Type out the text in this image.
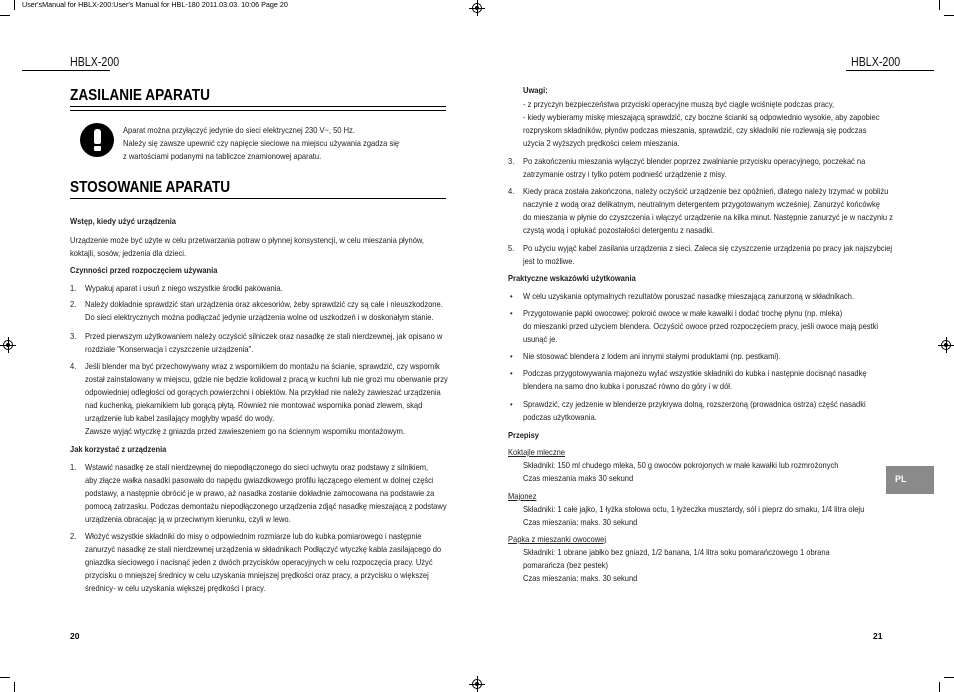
User'sManual for HBLX-200:User's Manual for HBL-180 2011.03.03. 10:06 Page 20
HBLX-200	HBLX-200
ZASILANIE APARATU
Aparat można przyłączyć jedynie do sieci elektrycznej 230 V~, 50 Hz.
Należy się zawsze upewnić czy napięcie sieciowe na miejscu używania zgadza się
z wartościami podanymi na tabliczce znamionowej aparatu.
STOSOWANIE APARATU
Wstęp, kiedy użyć urządzenia
Urządzenie może być użyte w celu przetwarzania potraw o płynnej konsystencji, w celu mieszania płynów,
koktajli, sosów, jedzenia dla dzieci.
Czynności przed rozpoczęciem używania
1. Wypakuj aparat i usuń z niego wszystkie środki pakowania.
2. Należy dokładnie sprawdzić stan urządzenia oraz akcesoriów, żeby sprawdzić czy są całe i nieuszkodzone.
Do sieci elektrycznych można podłączać jedynie urządzenia wolne od uszkodzeń i w doskonałym stanie.
3. Przed pierwszym użytkowaniem należy oczyścić silniczek oraz nasadkę ze stali nierdzewnej, jak opisano w
rozdziale "Konserwacja i czyszczenie urządzenia".
4. Jeśli blender ma być przechowywany wraz z wspornikiem do montażu na ścianie, sprawdzić, czy wspornik
został zainstalowany w miejscu, gdzie nie będzie kolidował z pracą w kuchni lub nie grozi mu oberwanie przy
odpowiedniej odległości od gorących powierzchni i obiektów. Na przykład nie należy zawieszać urządzenia
nad kuchenką, piekarnikiem lub gorącą płytą. Również nie montować wspornika ponad zlewem, skąd
urządzenie lub kabel zasilający mogłyby wpaść do wody.
Zawsze wyjąć wtyczkę z gniazda przed zawieszeniem go na ściennym wsporniku montażowym.
Jak korzystać z urządzenia
1. Wstawić nasadkę ze stali nierdzewnej do niepodłączonego do sieci uchwytu oraz podstawy z silnikiem,
aby złącze wałka nasadki pasowało do napędu gwiazdkowego profilu łączącego element w dolnej części
podstawy, a następnie obrócić je w prawo, aż nasadka zostanie dokładnie zamocowana na podstawie za
pomocą zatrzasku. Podczas demontażu niepodłączonego urządzenia zdjąć nasadkę mieszającą z podstawy
urządzenia obracając ją w przeciwnym kierunku, czyli w lewo.
2. Włożyć wszystkie składniki do misy o odpowiednim rozmiarze lub do kubka pomiarowego i następnie
zanurzyć nasadkę ze stali nierdzewnej urządzenia w składnikach Podłączyć wtyczkę kabla zasilającego do
gniazdka sieciowego i nacisnąć jeden z dwóch przycisków operacyjnych w celu rozpoczęcia pracy. Użyć
przycisku o mniejszej średnicy w celu uzyskania mniejszej prędkości oraz pracy, a przycisku o większej
średnicy- w celu uzyskania większej prędkości i pracy.
Uwagi:
- z przyczyn bezpieczeństwa przyciski operacyjne muszą być ciągle wciśnięte podczas pracy,
- kiedy wybieramy miskę mieszającą sprawdzić, czy boczne ścianki są odpowiednio wysokie, aby zapobiec
rozpryskom składników, płynów podczas mieszania, sprawdzić, czy składniki nie rozlewają się podczas
użycia 2 wyższych prędkości celem mieszania.
3. Po zakończeniu mieszania wyłączyć blender poprzez zwalnianie przycisku operacyjnego, poczekać na
zatrzymanie ostrzy i tylko potem podnieść urządzenie z misy.
4. Kiedy praca została zakończona, należy oczyścić urządzenie bez opóźnień, dlatego należy trzymać w pobliżu
naczynie z wodą oraz delikatnym, neutralnym detergentem przygotowanym wcześniej. Zanurzyć końcówkę
do mieszania w płynie do czyszczenia i włączyć urządzenie na kilka minut. Następnie zanurzyć je w naczyniu z
czystą wodą i opłukać pozostałości detergentu z nasadki.
5. Po użyciu wyjąć kabel zasilania urządzenia z sieci. Zaleca się czyszczenie urządzenia po pracy jak najszybciej
jest to możliwe.
Praktyczne wskazówki użytkowania
• W celu uzyskania optymalnych rezultatów poruszać nasadkę mieszającą zanurzoną w składnikach.
• Przygotowanie papki owocowej: pokroić owoce w małe kawałki i dodać trochę płynu (np. mleka)
do mieszanki przed użyciem blendera. Oczyścić owoce przed rozpoczęciem pracy, jeśli owoce mają pestki
usunąć je.
• Nie stosować blendera z lodem ani innymi stałymi produktami (np. pestkami).
• Podczas przygotowywania majonezu wylać wszystkie składniki do kubka i następnie docisnąć nasadkę
blendera na samo dno kubka i poruszać równo do góry i w dół.
• Sprawdzić, czy jedzenie w blenderze przykrywa dolną, rozszerzoną (prowadnica ostrza) część nasadki
podczas użytkowania.
Przepisy
Koktajle mleczne
Składniki: 150 ml chudego mleka, 50 g owoców pokrojonych w małe kawałki lub rozmrożonych
Czas mieszania maks 30 sekund
Majonez
Składniki: 1 całe jajko, 1 łyżka stołowa octu, 1 łyżeczka musztardy, sól i pieprz do smaku, 1/4 litra oleju
Czas mieszania: maks. 30 sekund
Papka z mieszanki owocowej
Składniki: 1 obrane jabłko bez gniazd, 1/2 banana, 1/4 litra soku pomarańczowego 1 obrana
pomarańcza (bez pestek)
Czas mieszania: maks. 30 sekund
PL
20	21
